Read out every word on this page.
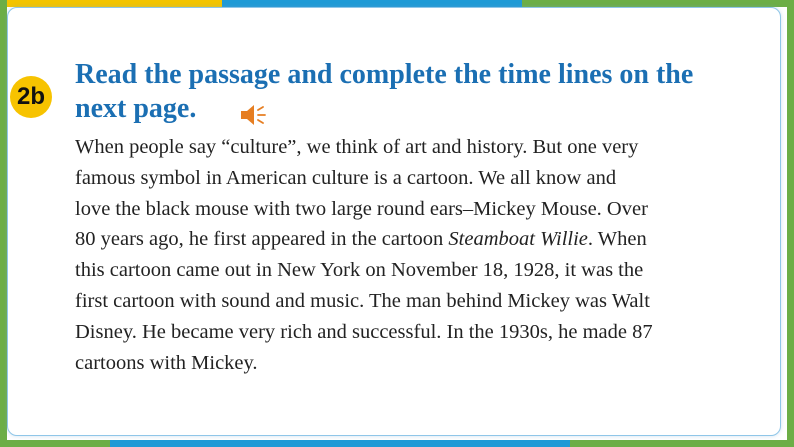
2b
Read the passage and complete the time lines on the
next page.

When people say “culture”, we think of art and history. But one very
famous symbol in American culture is a cartoon. We all know and
love the black mouse with two large round ears–Mickey Mouse. Over
80 years ago, he first appeared in the cartoon Steamboat Willie. When
this cartoon came out in New York on November 18, 1928, it was the
first cartoon with sound and music. The man behind Mickey was Walt
Disney. He became very rich and successful. In the 1930s, he made 87
cartoons with Mickey.
